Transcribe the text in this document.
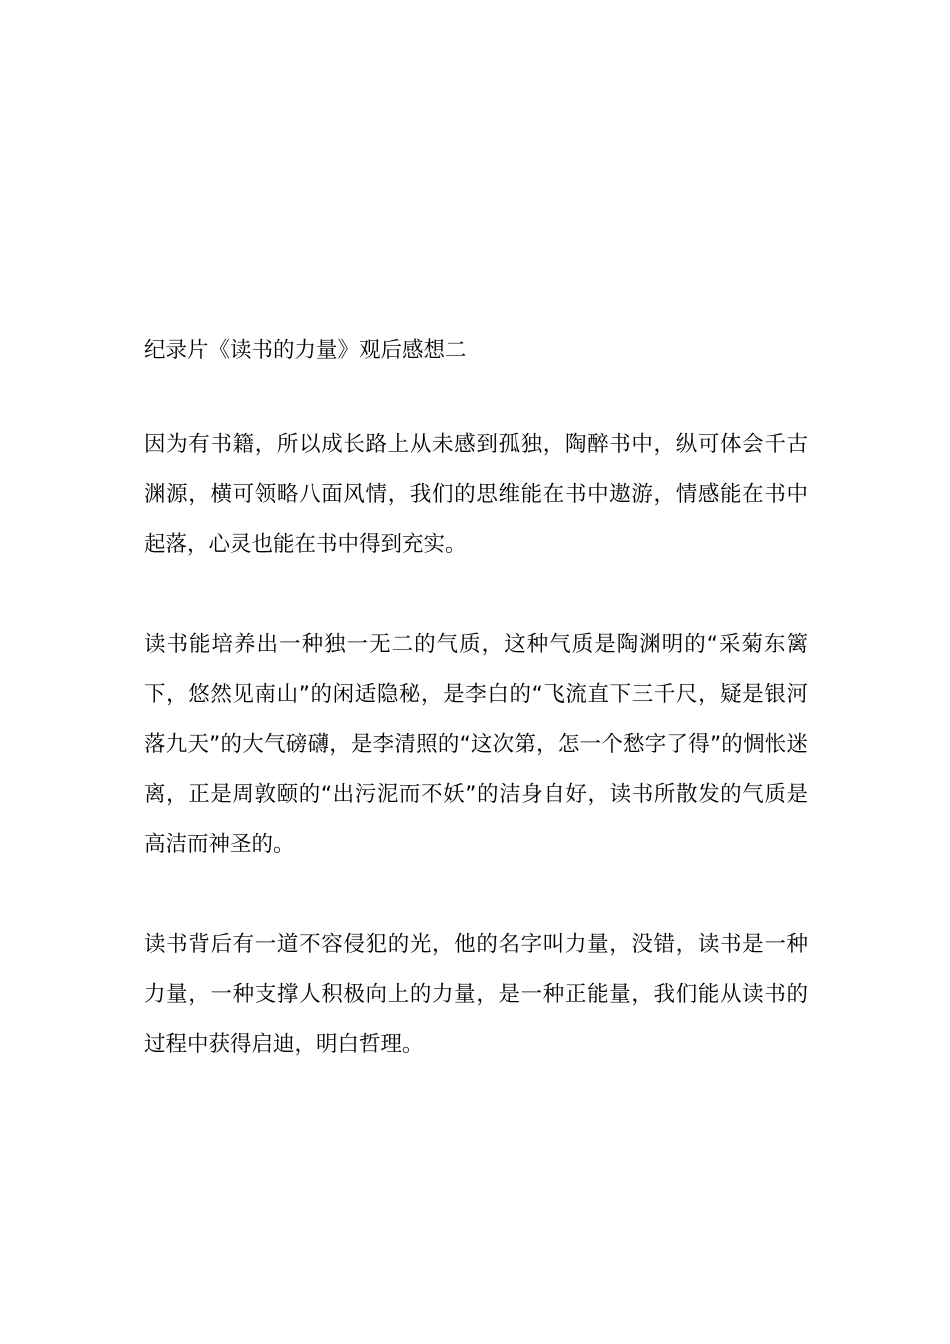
纪录片《读书的力量》观后感想二

因为有书籍，所以成长路上从未感到孤独，陶醉书中，纵可体会千古渊源，横可领略八面风情，我们的思维能在书中遨游，情感能在书中起落，心灵也能在书中得到充实。

读书能培养出一种独一无二的气质，这种气质是陶渊明的“采菊东篱下，悠然见南山”的闲适隐秘，是李白的“飞流直下三千尺，疑是银河落九天”的大气磅礴，是李清照的“这次第，怎一个愁字了得”的惆怅迷离，正是周敦颐的“出污泥而不妖”的洁身自好，读书所散发的气质是高洁而神圣的。

读书背后有一道不容侵犯的光，他的名字叫力量，没错，读书是一种力量，一种支撑人积极向上的力量，是一种正能量，我们能从读书的过程中获得启迪，明白哲理。
